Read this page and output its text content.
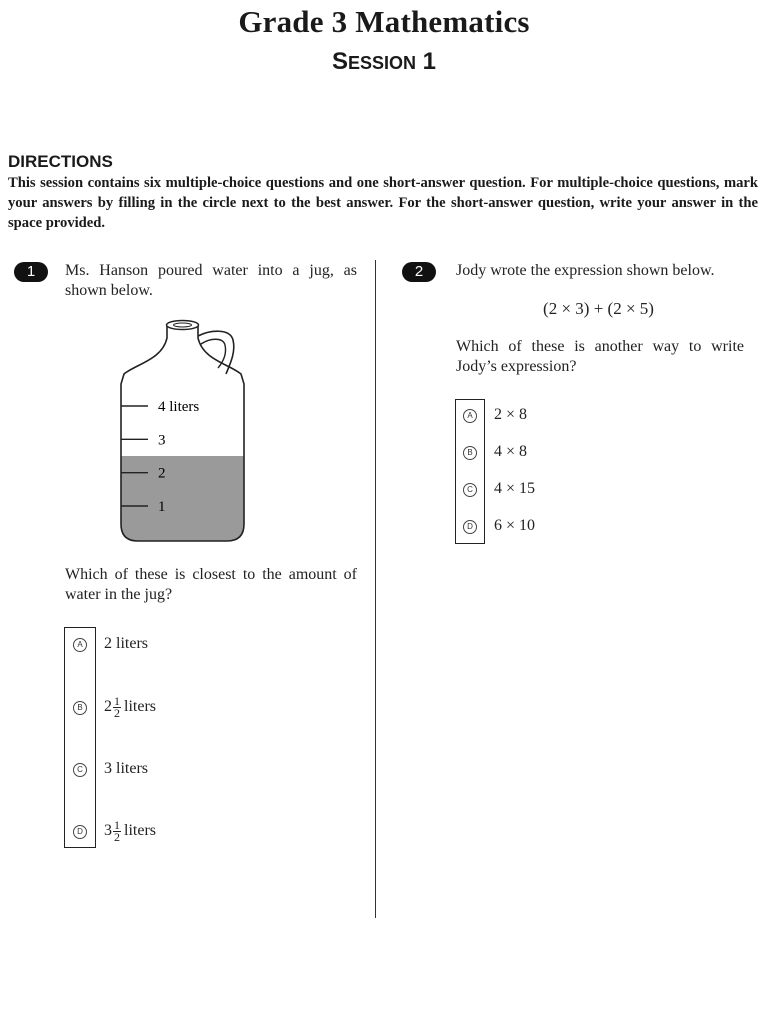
Grade 3 Mathematics
SESSION 1
DIRECTIONS
This session contains six multiple-choice questions and one short-answer question. For multiple-choice questions, mark your answers by filling in the circle next to the best answer. For the short-answer question, write your answer in the space provided.
1	Ms. Hanson poured water into a jug, as shown below.
4 liters
3
2
1
Which of these is closest to the amount of water in the jug?
A 2 liters
B $2 \frac{1}{2}$ liters
C 3 liters
D $3 \frac{1}{2}$ liters
2	Jody wrote the expression shown below.
(2 × 3) + (2 × 5)
Which of these is another way to write Jody’s expression?
A 2 × 8
B 4 × 8
C 4 × 15
D 6 × 10
